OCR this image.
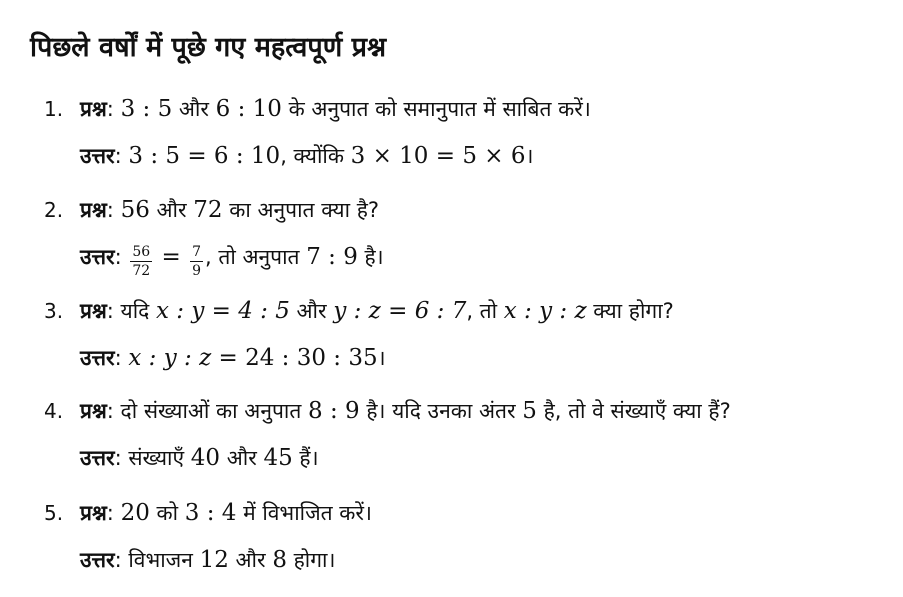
पिछले वर्षों में पूछे गए महत्वपूर्ण प्रश्न
1. प्रश्न: 3 : 5 और 6 : 10 के अनुपात को समानुपात में साबित करें।
उत्तर: 3 : 5 = 6 : 10, क्योंकि 3 × 10 = 5 × 6।
2. प्रश्न: 56 और 72 का अनुपात क्या है?
उत्तर: $\frac{56}{72} = \frac{7}{9}$ , तो अनुपात 7 : 9 है।
3. प्रश्न: यदि x : y = 4 : 5 और y : z = 6 : 7, तो x : y : z क्या होगा?
उत्तर: x : y : z = 24 : 30 : 35।
4. प्रश्न: दो संख्याओं का अनुपात 8 : 9 है। यदि उनका अंतर 5 है, तो वे संख्याएँ क्या हैं?
उत्तर: संख्याएँ 40 और 45 हैं।
5. प्रश्न: 20 को 3 : 4 में विभाजित करें।
उत्तर: विभाजन 12 और 8 होगा।
